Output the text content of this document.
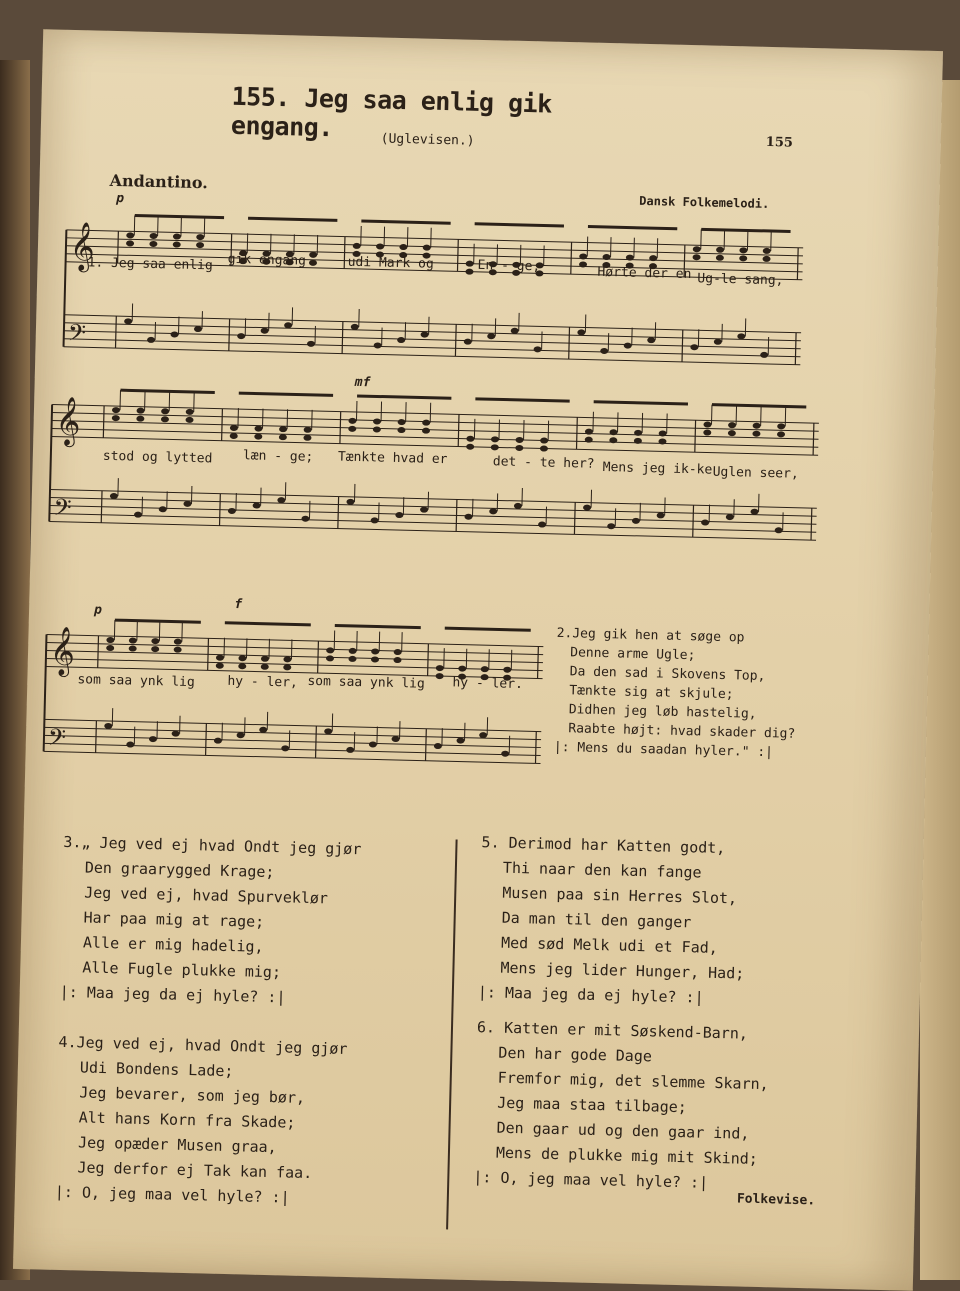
155. Jeg saa enlig gik engang.	(Uglevisen.)	155
Andantino.
Dansk Folkemelodi.
𝄞
𝄢
1. Jeg saa enlig gik engang	udi Mark og	En - ge,	Hørte der en Ug-le sang,
p
𝄞
𝄢
stod og lytted læn - ge; Tænkte hvad er	det - te her? Mens jeg ik-ke Uglen seer,
mf
𝄞
𝄢
som saa ynk lig hy - ler, som saa ynk lig hy - ler.
p	f
2.Jeg gik hen at søge op
Denne arme Ugle;
Da den sad i Skovens Top,
Tænkte sig at skjule;
Didhen jeg løb hastelig,
Raabte højt: hvad skader dig?
|: Mens du saadan hyler." :|
3.„ Jeg ved ej hvad Ondt jeg gjør
Den graarygged Krage;
Jeg ved ej, hvad Spurveklør
Har paa mig at rage;
Alle er mig hadelig,
Alle Fugle plukke mig;
|: Maa jeg da ej hyle? :|
4.Jeg ved ej, hvad Ondt jeg gjør
Udi Bondens Lade;
Jeg bevarer, som jeg bør,
Alt hans Korn fra Skade;
Jeg opæder Musen graa,
Jeg derfor ej Tak kan faa.
|: O, jeg maa vel hyle? :|
5. Derimod har Katten godt,
Thi naar den kan fange
Musen paa sin Herres Slot,
Da man til den ganger
Med sød Melk udi et Fad,
Mens jeg lider Hunger, Had;
|: Maa jeg da ej hyle? :|
6. Katten er mit Søskend-Barn,
Den har gode Dage
Fremfor mig, det slemme Skarn,
Jeg maa staa tilbage;
Den gaar ud og den gaar ind,
Mens de plukke mig mit Skind;
|: O, jeg maa vel hyle? :|
Folkevise.
